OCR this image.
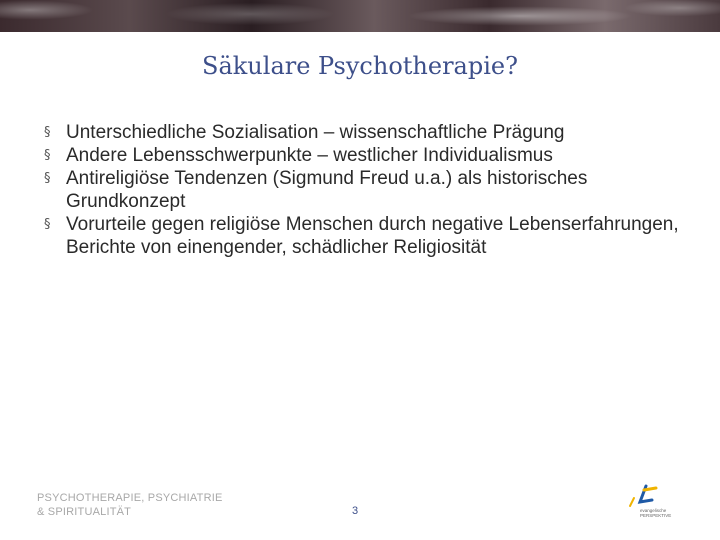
Säkulare Psychotherapie?
§ Unterschiedliche Sozialisation – wissenschaftliche Prägung
§ Andere Lebensschwerpunkte – westlicher Individualismus
§ Antireligiöse Tendenzen (Sigmund Freud u.a.) als historisches Grundkonzept
§ Vorurteile gegen religiöse Menschen durch negative Lebenserfahrungen, Berichte von einengender, schädlicher Religiosität
PSYCHOTHERAPIE, PSYCHIATRIE
& SPIRITUALITÄT	3	evangelische
PERSPEKTIVE
